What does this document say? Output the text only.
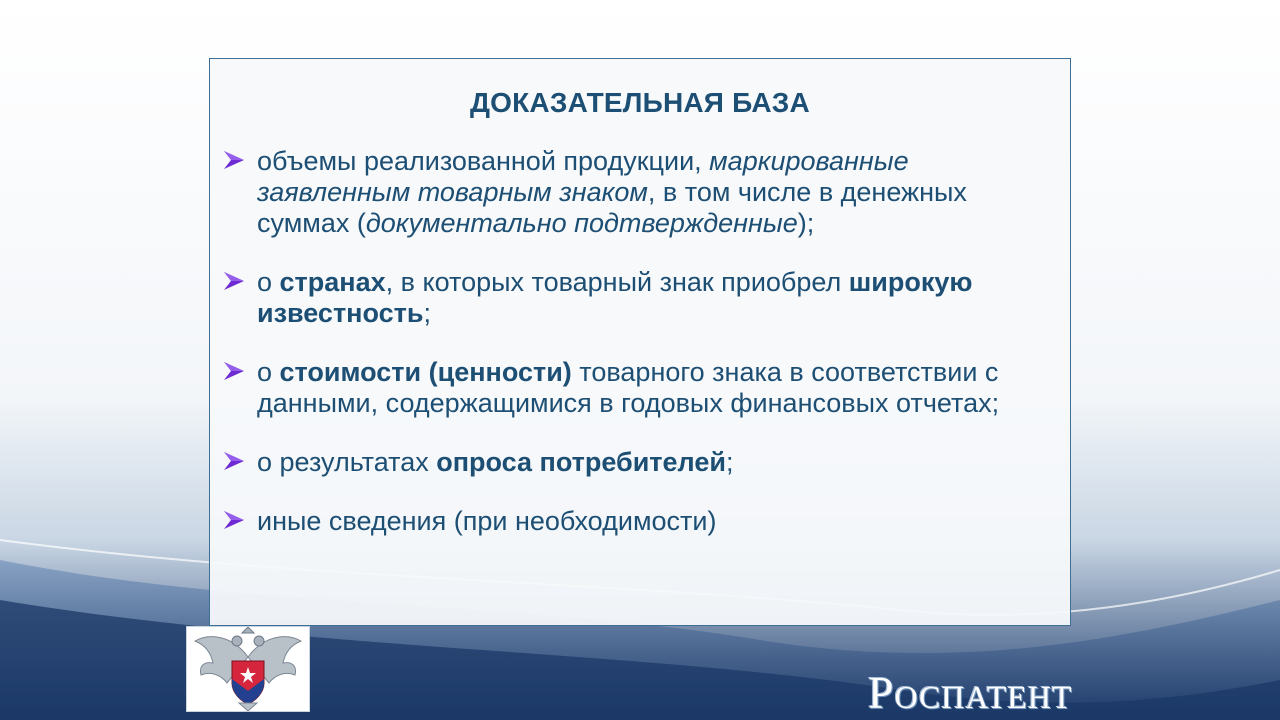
ДОКАЗАТЕЛЬНАЯ БАЗА
объемы реализованной продукции, маркированные заявленным товарным знаком, в том числе в денежных суммах (документально подтвержденные);
о странах, в которых товарный знак приобрел широкую известность;
о стоимости (ценности) товарного знака в соответствии с данными, содержащимися в годовых финансовых отчетах;
о результатах опроса потребителей;
иные сведения (при необходимости)
Роспатент
